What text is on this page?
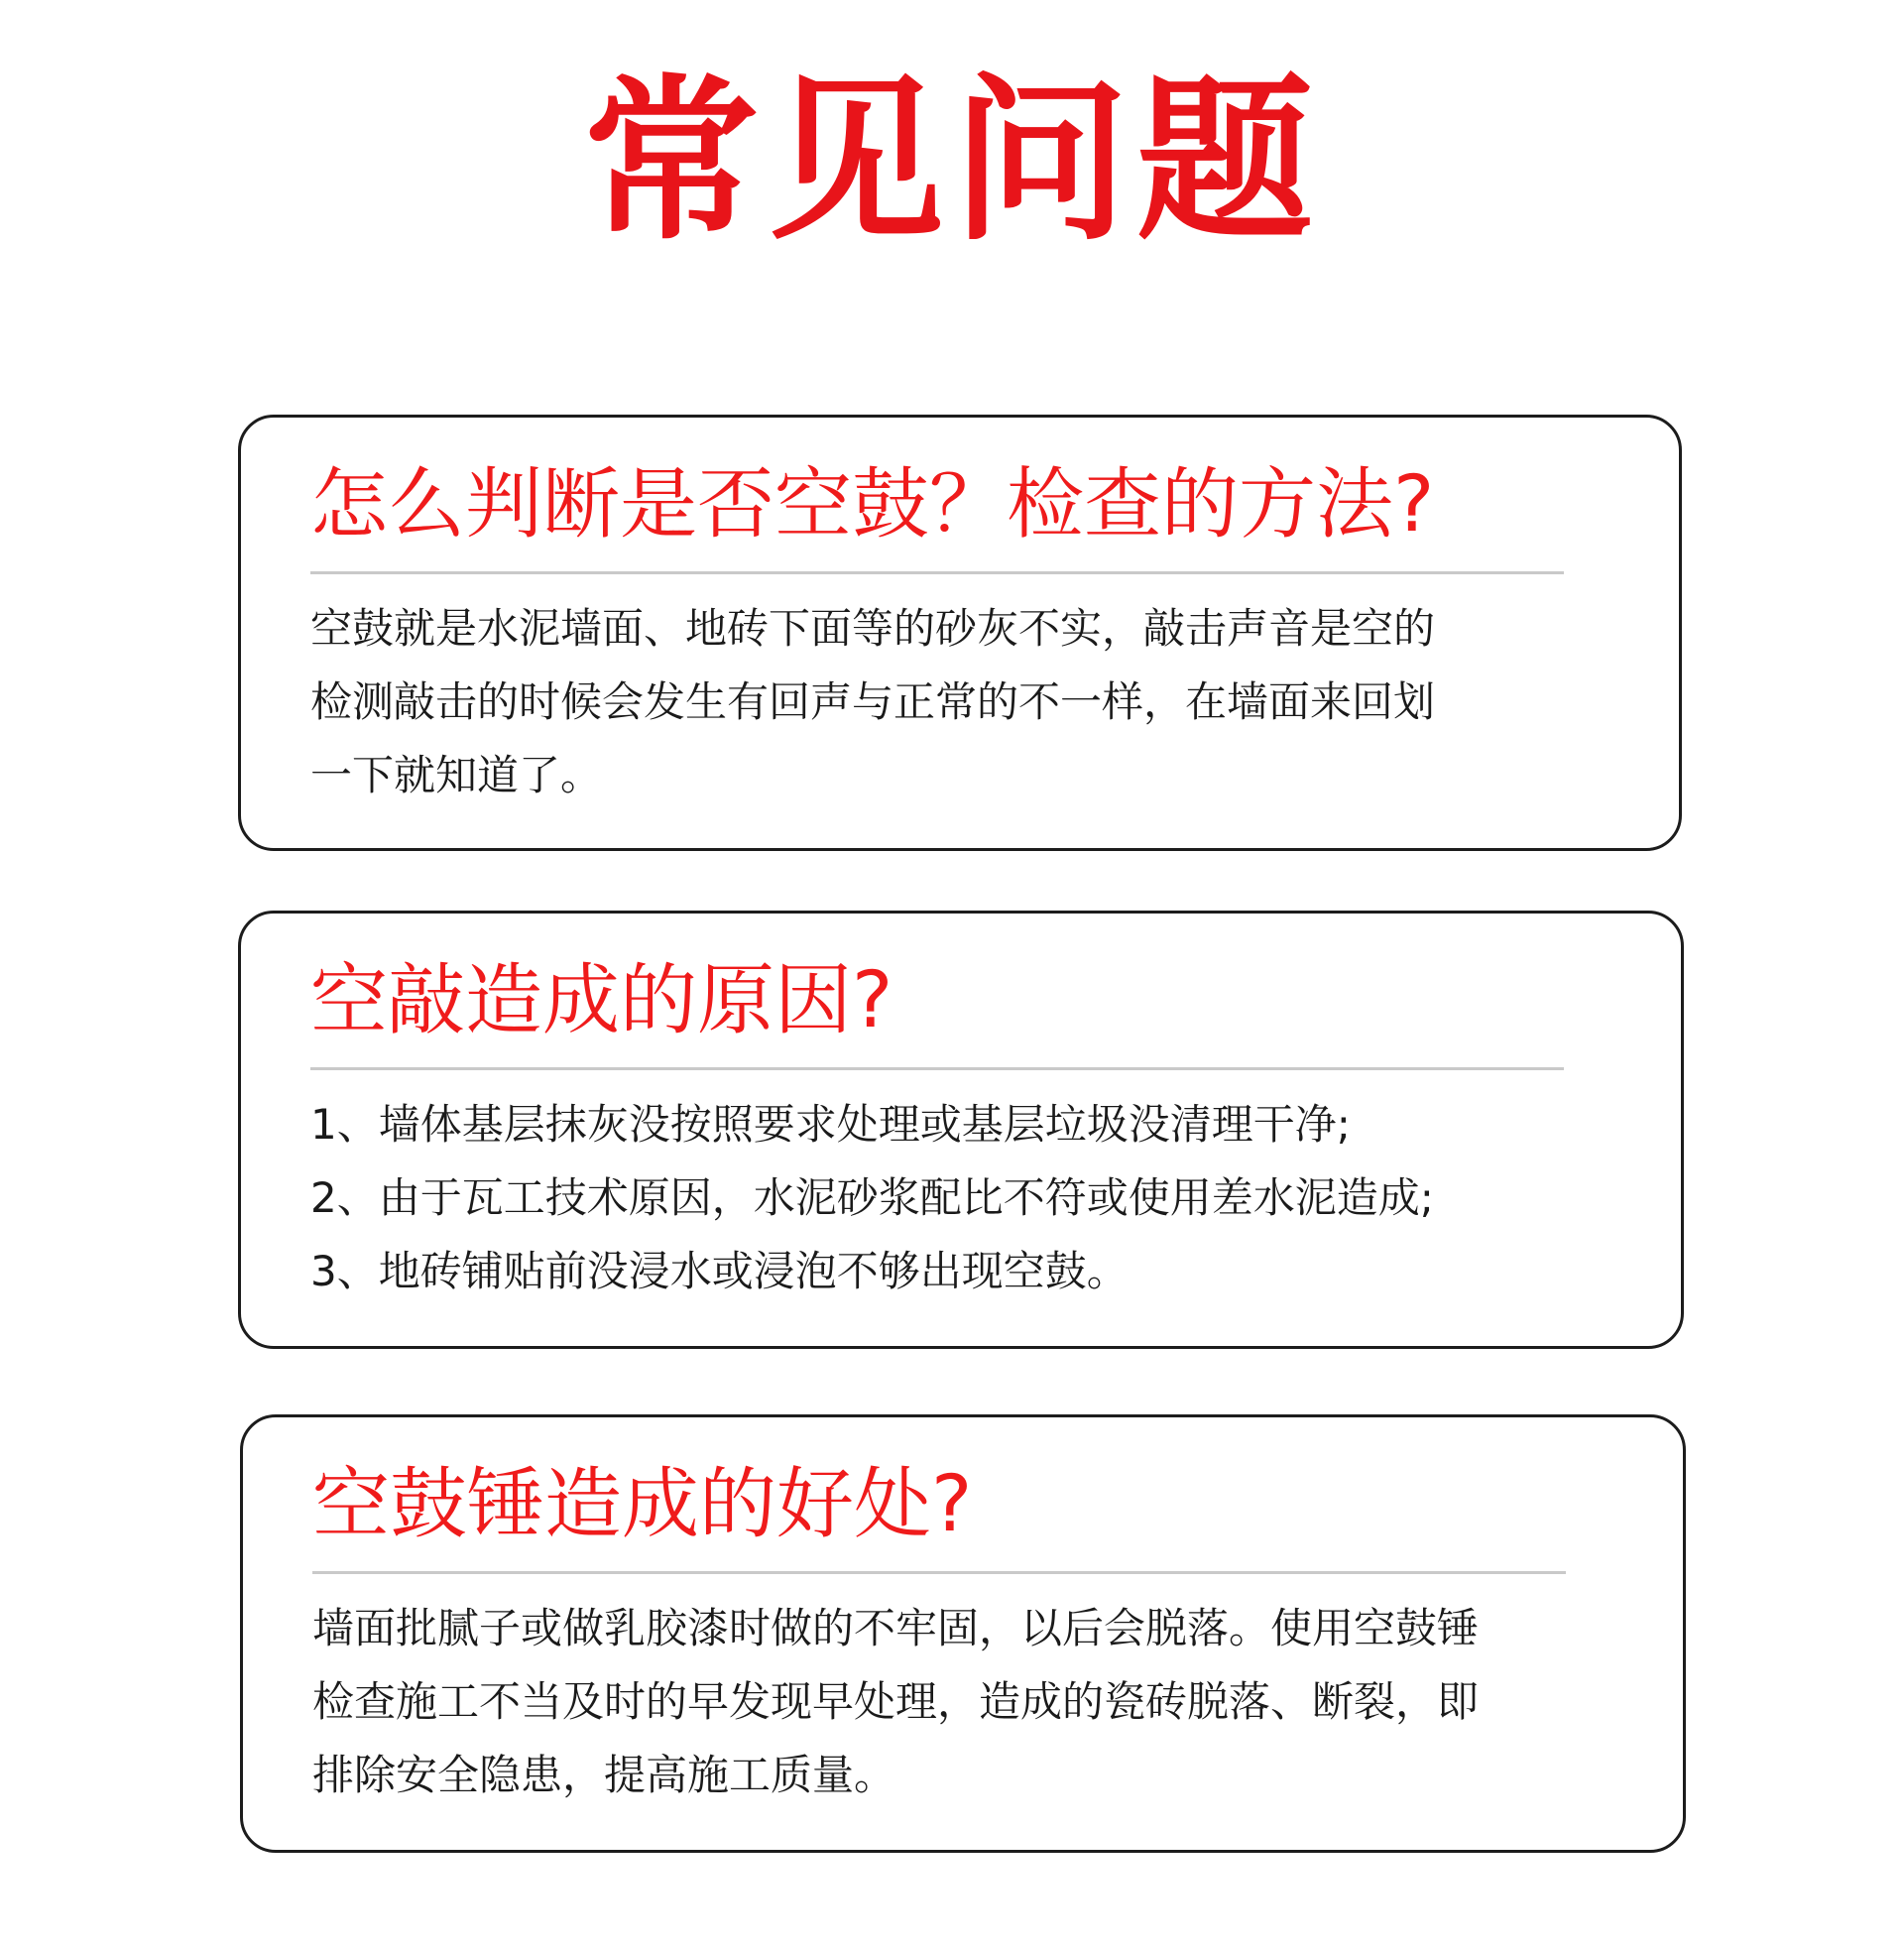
常见问题
怎么判断是否空鼓？检查的方法?
空鼓就是水泥墙面、地砖下面等的砂灰不实，敲击声音是空的
检测敲击的时候会发生有回声与正常的不一样，在墙面来回划
一下就知道了。
空敲造成的原因?
1、墙体基层抹灰没按照要求处理或基层垃圾没清理干净;
2、由于瓦工技术原因，水泥砂浆配比不符或使用差水泥造成;
3、地砖铺贴前没浸水或浸泡不够出现空鼓。
空鼓锤造成的好处?
墙面批腻子或做乳胶漆时做的不牢固，以后会脱落。使用空鼓锤
检查施工不当及时的早发现早处理，造成的瓷砖脱落、断裂，即
排除安全隐患，提高施工质量。
